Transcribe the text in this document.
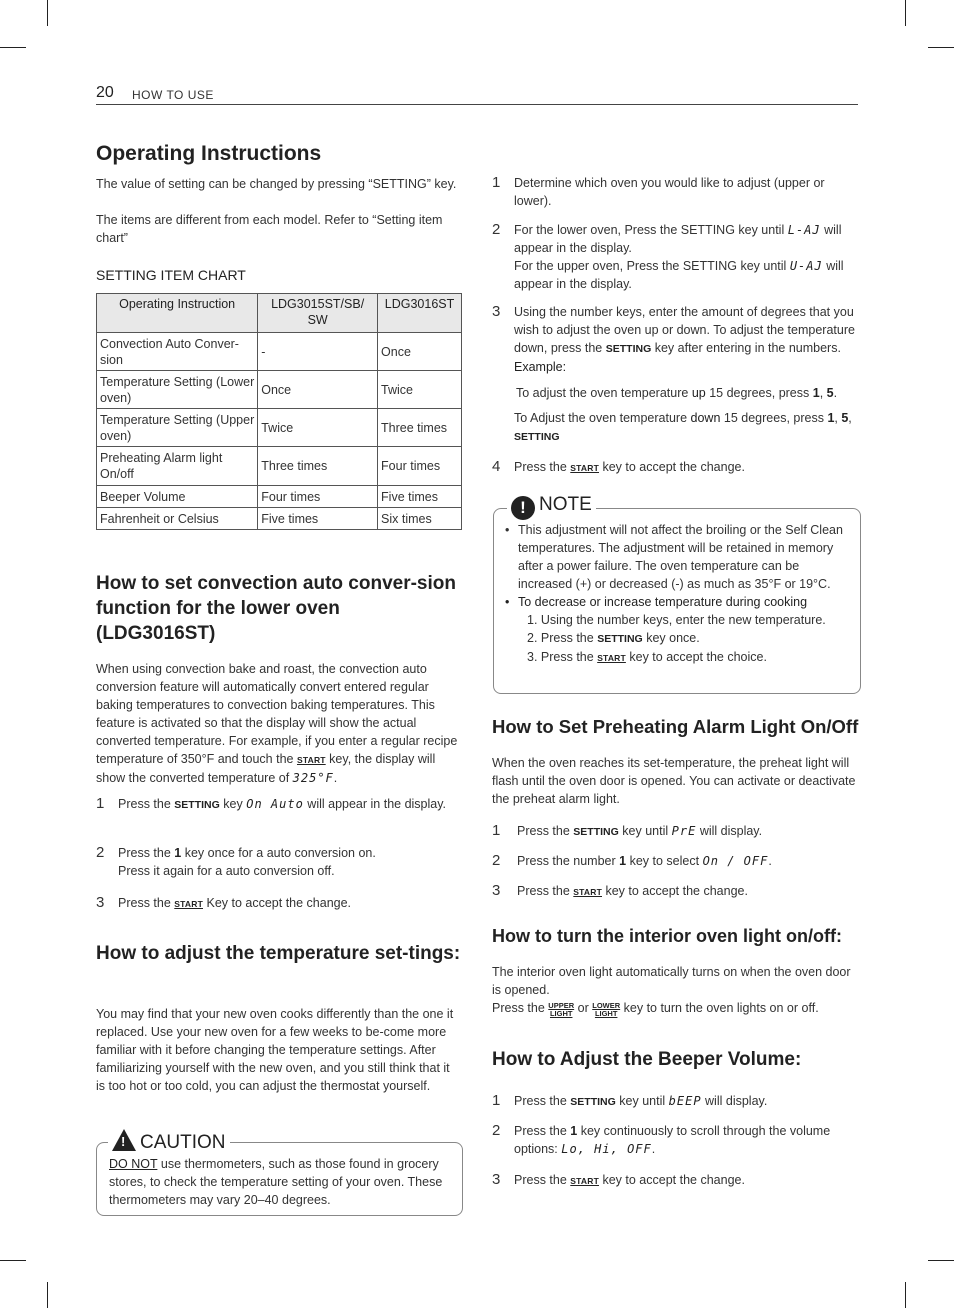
20 HOW TO USE
Operating Instructions

The value of setting can be changed by pressing “SETTING” key.

The items are different from each model. Refer to “Setting item chart”

SETTING ITEM CHART
Operating Instruction	LDG3015ST/SB/ SW	LDG3016ST
Convection Auto Conver-sion	-	Once
Temperature Setting (Lower oven)	Once	Twice
Temperature Setting (Upper oven)	Twice	Three times
Preheating Alarm light On/off	Three times	Four times
Beeper Volume	Four times	Five times
Fahrenheit or Celsius	Five times	Six times
How to set convection auto conver-sion function for the lower oven (LDG3016ST)

When using convection bake and roast, the convection auto conversion feature will automatically convert entered regular baking temperatures to convection baking temperatures. This feature is activated so that the display will show the actual converted temperature. For example, if you enter a regular recipe temperature of 350°F and touch the START key, the display will show the converted temperature of 325°F.

1 Press the SETTING key On Auto will appear in the display.
2 Press the 1 key once for a auto conversion on.
Press it again for a auto conversion off.
3 Press the START Key to accept the change.
How to adjust the temperature set-tings:

You may find that your new oven cooks differently than the one it replaced. Use your new oven for a few weeks to be-come more familiar with it before changing the temperature settings. After familiarizing yourself with the new oven, and you still think that it is too hot or too cold, you can adjust the thermostat yourself.

! CAUTION

DO NOT use thermometers, such as those found in grocery stores, to check the temperature setting of your oven. These thermometers may vary 20–40 degrees.

1 Determine which oven you would like to adjust (upper or lower).
2 For the lower oven, Press the SETTING key until L-AJ will appear in the display.
For the upper oven, Press the SETTING key until U-AJ will appear in the display.
3 Using the number keys, enter the amount of degrees that you wish to adjust the oven up or down. To adjust the temperature down, press the SETTING key after entering in the numbers. Example:

To adjust the oven temperature up 15 degrees, press 1, 5.

To Adjust the oven temperature down 15 degrees, press 1, 5, SETTING

4 Press the START key to accept the change.
! NOTE
• This adjustment will not affect the broiling or the Self Clean temperatures. The adjustment will be retained in memory after a power failure. The oven temperature can be increased (+) or decreased (-) as much as 35°F or 19°C.
• To decrease or increase temperature during cooking
1. Using the number keys, enter the new temperature.
2. Press the SETTING key once.
3. Press the START key to accept the choice.
How to Set Preheating Alarm Light On/Off

When the oven reaches its set-temperature, the preheat light will flash until the oven door is opened. You can activate or deactivate the preheat alarm light.

1 Press the SETTING key until PrE will display.
2 Press the number 1 key to select On / OFF.
3 Press the START key to accept the change.
How to turn the interior oven light on/off:

The interior oven light automatically turns on when the oven door is opened.

Press the UPPER
LIGHT or LOWER
LIGHT key to turn the oven lights on or off.

How to Adjust the Beeper Volume:
1 Press the SETTING key until bEEP will display.
2 Press the 1 key continuously to scroll through the volume options: Lo, Hi, OFF.
3 Press the START key to accept the change.
